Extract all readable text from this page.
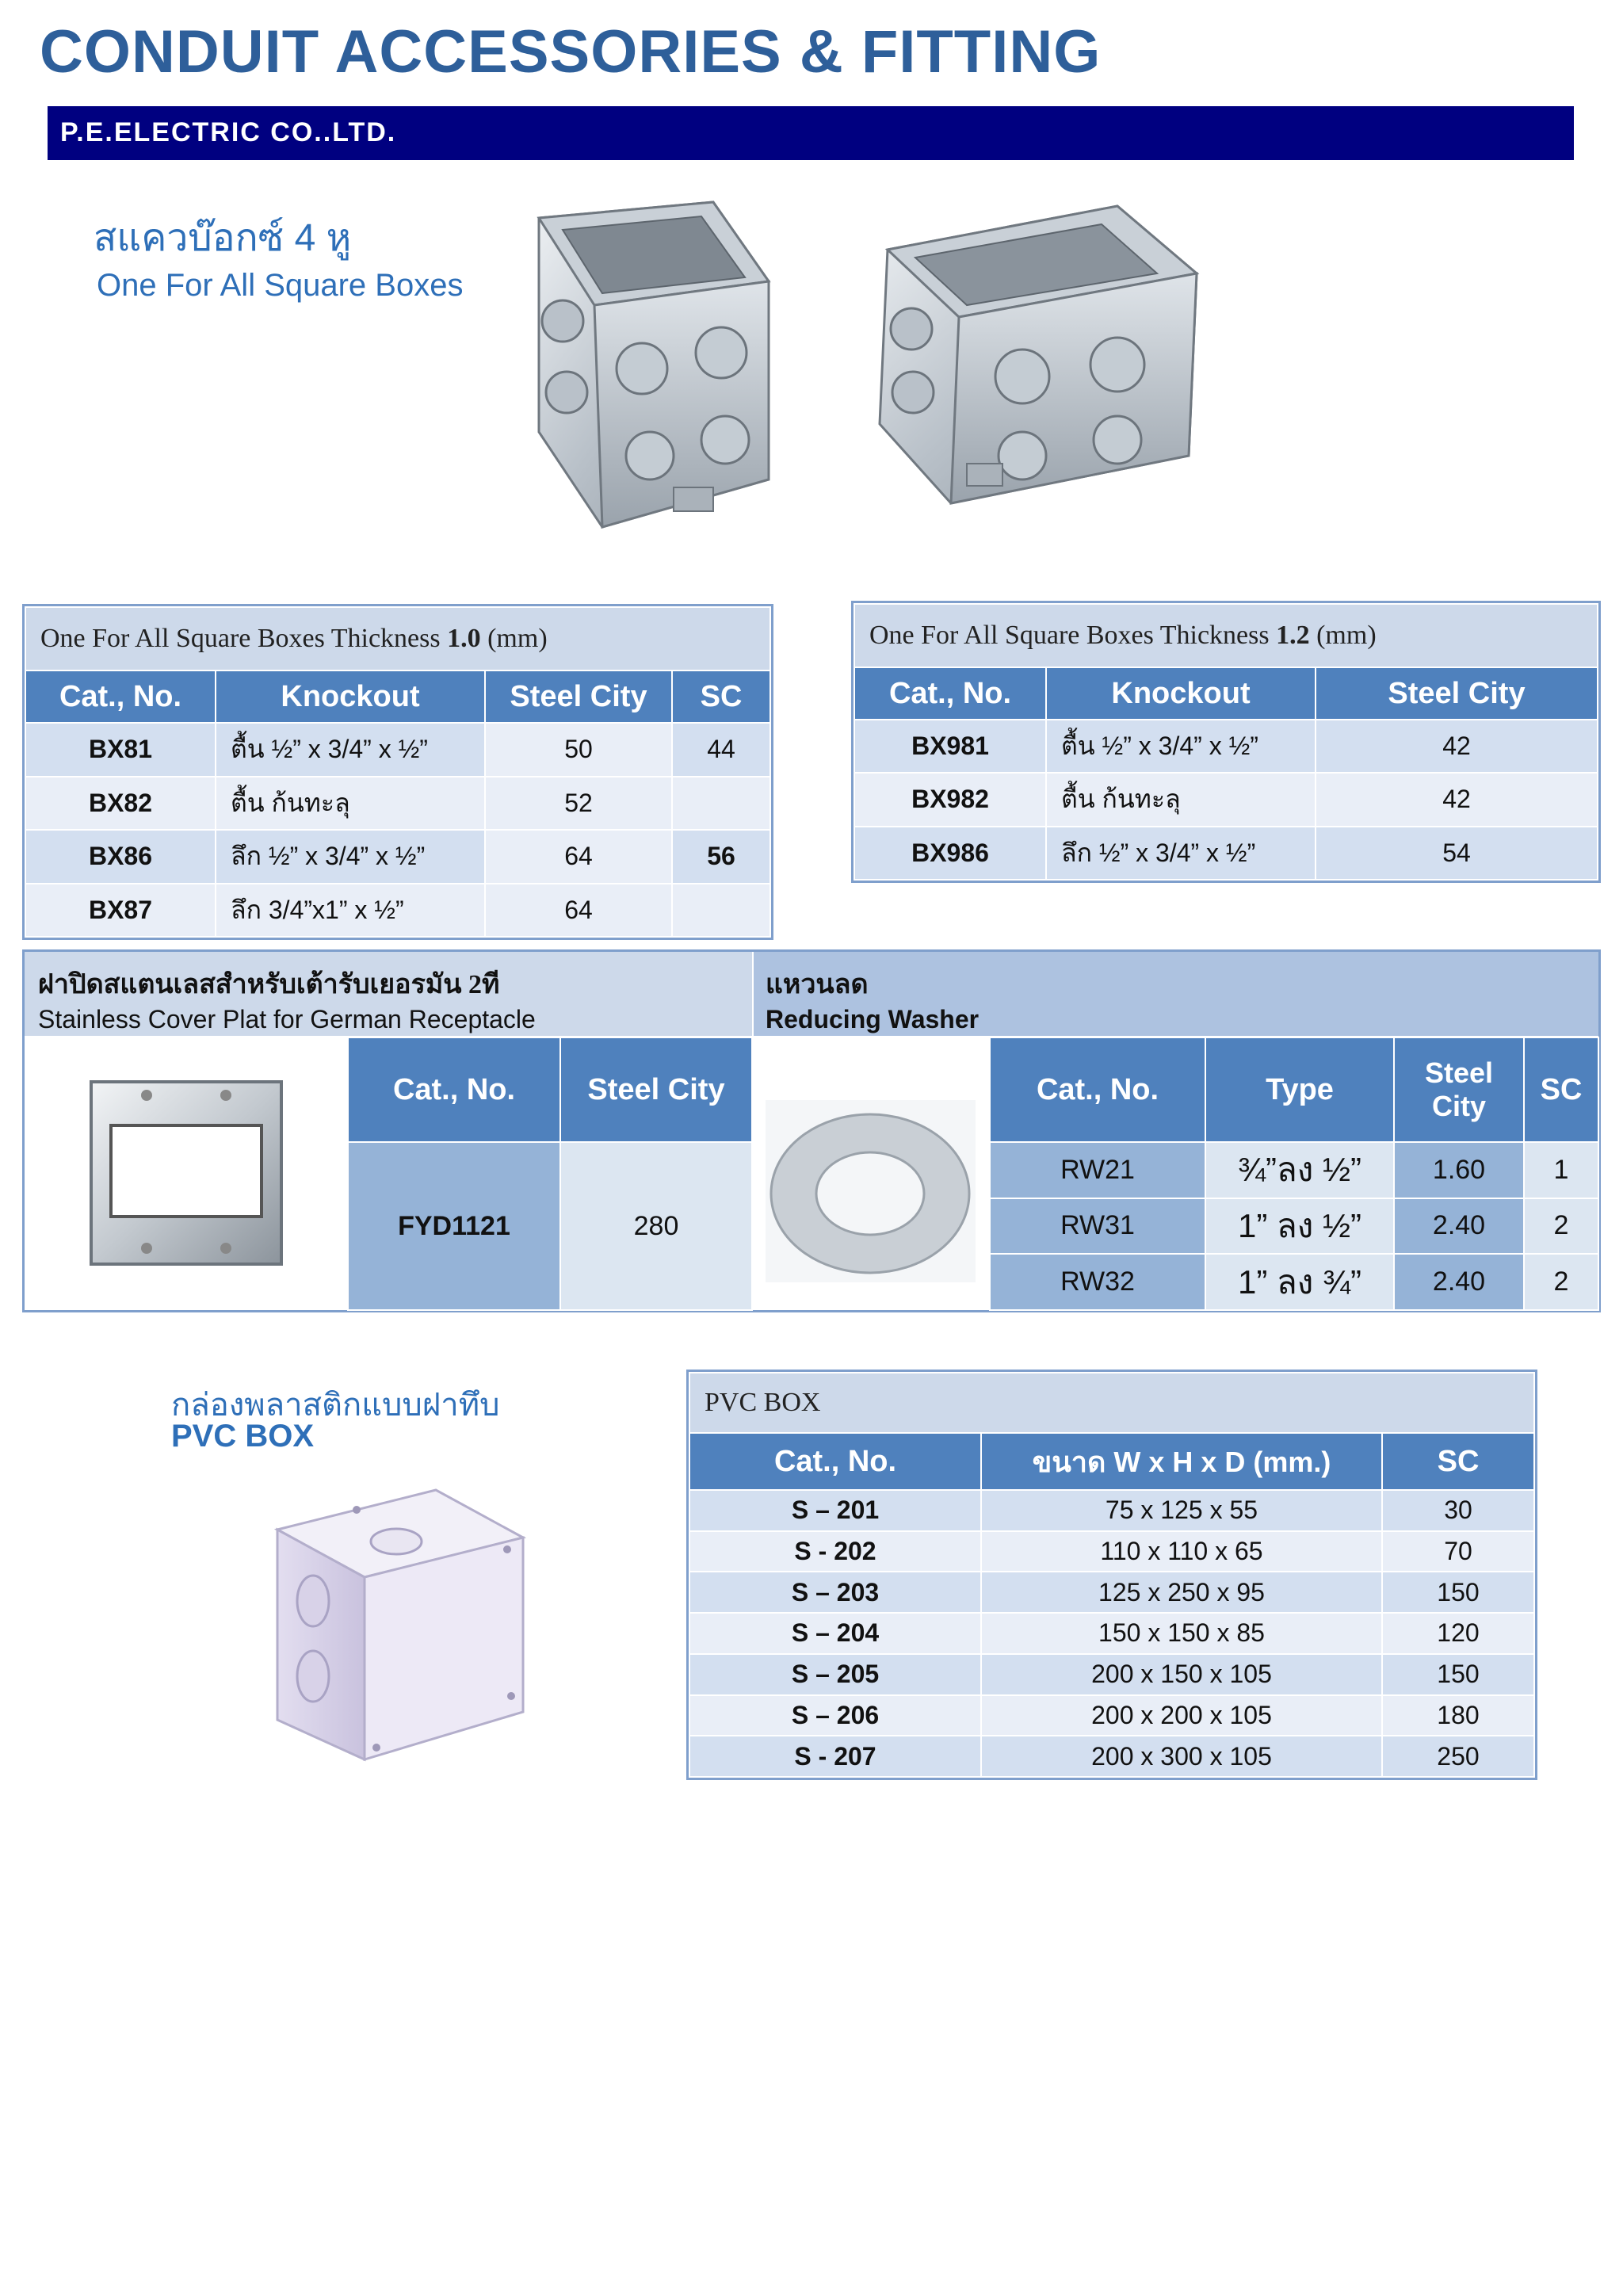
CONDUIT ACCESSORIES & FITTING
P.E.ELECTRIC CO..LTD.
สแควบ๊อกซ์ 4 หู
One For All Square Boxes
One For All Square Boxes Thickness 1.0 (mm)			
Cat., No.	Knockout	Steel City	SC
BX81	ตื้น ½” x 3/4” x ½”	50	44
BX82	ตื้น ก้นทะลุ	52	
BX86	ลึก ½” x 3/4” x ½”	64	56
BX87	ลึก 3/4”x1” x ½”	64	
One For All Square Boxes Thickness 1.2 (mm)		
Cat., No.	Knockout	Steel City
BX981	ตื้น ½” x 3/4” x ½”	42
BX982	ตื้น ก้นทะลุ	42
BX986	ลึก ½” x 3/4” x ½”	54
ฝาปิดสแตนเลสสำหรับเต้ารับเยอรมัน 2ที
Stainless Cover Plat for German Receptacle
แหวนลด
Reducing Washer
Cat., No.	Steel City
FYD1121	280
Cat., No.	Type	Steel City	SC
RW21	¾”ลง ½”	1.60	1
RW31	1” ลง ½”	2.40	2
RW32	1” ลง ¾”	2.40	2
กล่องพลาสติกแบบฝาทึบ
PVC BOX
PVC BOX		
Cat., No.	ขนาด W x H x D (mm.)	SC
S – 201	75 x 125 x 55	30
S - 202	110 x 110 x 65	70
S – 203	125 x 250 x 95	150
S – 204	150 x 150 x 85	120
S – 205	200 x 150 x 105	150
S – 206	200 x 200 x 105	180
S - 207	200 x 300 x 105	250
